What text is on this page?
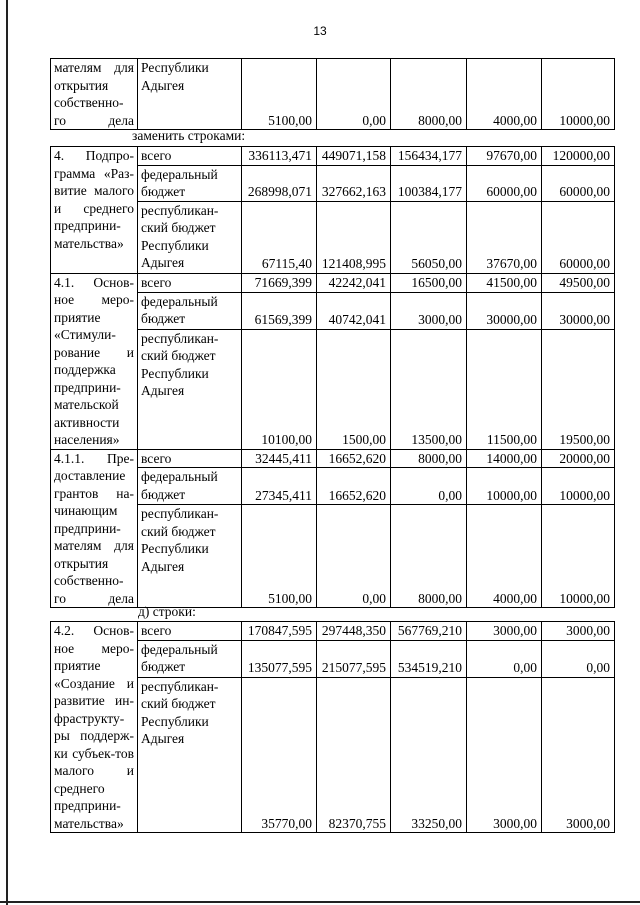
13
мателям для открытия собственно-го дела	Республики Адыгея	5100,00	0,00	8000,00	4000,00	10000,00
заменить строками:
4. Подпро-грамма «Раз-витие малого и среднего предприни-мательства»	всего	336113,471	449071,158	156434,177	97670,00	120000,00
	федеральный бюджет	268998,071	327662,163	100384,177	60000,00	60000,00
	республикан-ский бюджет Республики Адыгея	67115,40	121408,995	56050,00	37670,00	60000,00
4.1. Основ-ное меро-приятие «Стимули-рование и поддержка предприни-мательской активности населения»	всего	71669,399	42242,041	16500,00	41500,00	49500,00
	федеральный бюджет	61569,399	40742,041	3000,00	30000,00	30000,00
	республикан-ский бюджет Республики Адыгея	10100,00	1500,00	13500,00	11500,00	19500,00
4.1.1. Пре-доставление грантов на-чинающим предприни-мателям для открытия собственно-го дела	всего	32445,411	16652,620	8000,00	14000,00	20000,00
	федеральный бюджет	27345,411	16652,620	0,00	10000,00	10000,00
	республикан-ский бюджет Республики Адыгея	5100,00	0,00	8000,00	4000,00	10000,00
д) строки:
4.2. Основ-ное меро-приятие «Создание и развитие ин-фраструкту-ры поддерж-ки субъек-тов малого и среднего предприни-мательства»	всего	170847,595	297448,350	567769,210	3000,00	3000,00
	федеральный бюджет	135077,595	215077,595	534519,210	0,00	0,00
	республикан-ский бюджет Республики Адыгея	35770,00	82370,755	33250,00	3000,00	3000,00
